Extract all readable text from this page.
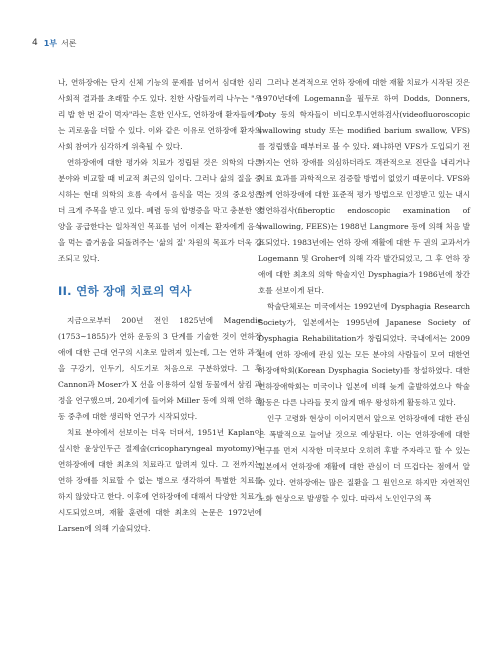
4 1부 서론

나, 연하장애는 단지 신체 기능의 문제를 넘어서 심대한 심리사회적 결과를 초래할 수도 있다. 친한 사람들끼리 나누는 "우리 밥 한 번 같이 먹자"라는 흔한 인사도, 연하장애 환자들에게는 괴로움을 더할 수 있다. 이와 같은 이유로 연하장애 환자의 사회 참여가 심각하게 위축될 수 있다.

연하장애에 대한 평가와 치료가 정립된 것은 의학의 다른 분야와 비교할 때 비교적 최근의 일이다. 그러나 삶의 질을 중시하는 현대 의학의 흐름 속에서 음식을 먹는 것의 중요성은 더 크게 주목을 받고 있다. 폐렴 등의 합병증을 막고 충분한 영양을 공급한다는 일차적인 목표를 넘어 이제는 환자에게 음식을 먹는 즐거움을 되돌려주는 '삶의 질' 차원의 목표가 더욱 강조되고 있다.

II. 연하 장애 치료의 역사

지금으로부터 200년 전인 1825년에 Magendie (1753~1855)가 연하 운동의 3 단계를 기술한 것이 연하장애에 대한 근대 연구의 시초로 알려져 있는데, 그는 연하 과정을 구강기, 인두기, 식도기로 처음으로 구분하였다. 그 후 Cannon과 Moser가 X 선을 이용하여 실험 동물에서 삼킴 과정을 연구했으며, 20세기에 들어와 Miller 등에 의해 연하 운동 중추에 대한 생리학 연구가 시작되었다.

치료 분야에서 선보이는 더욱 더뎌서, 1951년 Kaplan이 실시한 윤상인두근 절제술(cricopharyngeal myotomy)이 연하장애에 대한 최초의 치료라고 알려져 있다. 그 전까지는 연하 장애를 치료할 수 없는 병으로 생각하여 특별한 치료를 하지 않았다고 한다. 이후에 연하장애에 대해서 다양한 치료가 시도되었으며, 재활 훈련에 대한 최초의 논문은 1972년에 Larsen에 의해 기술되었다.

그러나 본격적으로 연하 장애에 대한 재활 치료가 시작된 것은 1970년대에 Logemann을 필두로 하여 Dodds, Donners, Doty 등의 학자들이 비디오투시연하검사(videofluoroscopic swallowing study 또는 modified barium swallow, VFS)를 정립했을 때부터로 볼 수 있다. 왜냐하면 VFS가 도입되기 전까지는 연하 장애를 의심하더라도 객관적으로 진단을 내리거나 치료 효과를 과학적으로 검증할 방법이 없었기 때문이다. VFS와 함께 연하장애에 대한 표준적 평가 방법으로 인정받고 있는 내시경연하검사(fiberoptic endoscopic examination of swallowing, FEES)는 1988년 Langmore 등에 의해 처음 발표되었다. 1983년에는 연하 장애 재활에 대한 두 권의 교과서가 Logemann 및 Groher에 의해 각각 발간되었고, 그 후 연하 장애에 대한 최초의 의학 학술지인 Dysphagia가 1986년에 창간호를 선보이게 된다.

학술단체로는 미국에서는 1992년에 Dysphagia Research Society가, 일본에서는 1995년에 Japanese Society of Dysphagia Rehabilitation가 창립되었다. 국내에서는 2009년에 연하 장애에 관심 있는 모든 분야의 사람들이 모여 대한연하장애학회(Korean Dysphagia Society)를 창설하였다. 대한연하장애학회는 미국이나 일본에 비해 늦게 출발하였으나 학술 활동은 다른 나라들 못지 않게 매우 왕성하게 활동하고 있다.

인구 고령화 현상이 이어지면서 앞으로 연하장애에 대한 관심은 폭발적으로 늘어날 것으로 예상된다. 이는 연하장애에 대한 연구를 먼저 시작한 미국보다 오히려 후발 주자라고 할 수 있는 일본에서 연하장애 재활에 대한 관심이 더 뜨겁다는 점에서 알 수 있다. 연하장애는 많은 질환을 그 원인으로 하지만 자연적인 노화 현상으로 발생할 수 있다. 따라서 노인인구의 폭
